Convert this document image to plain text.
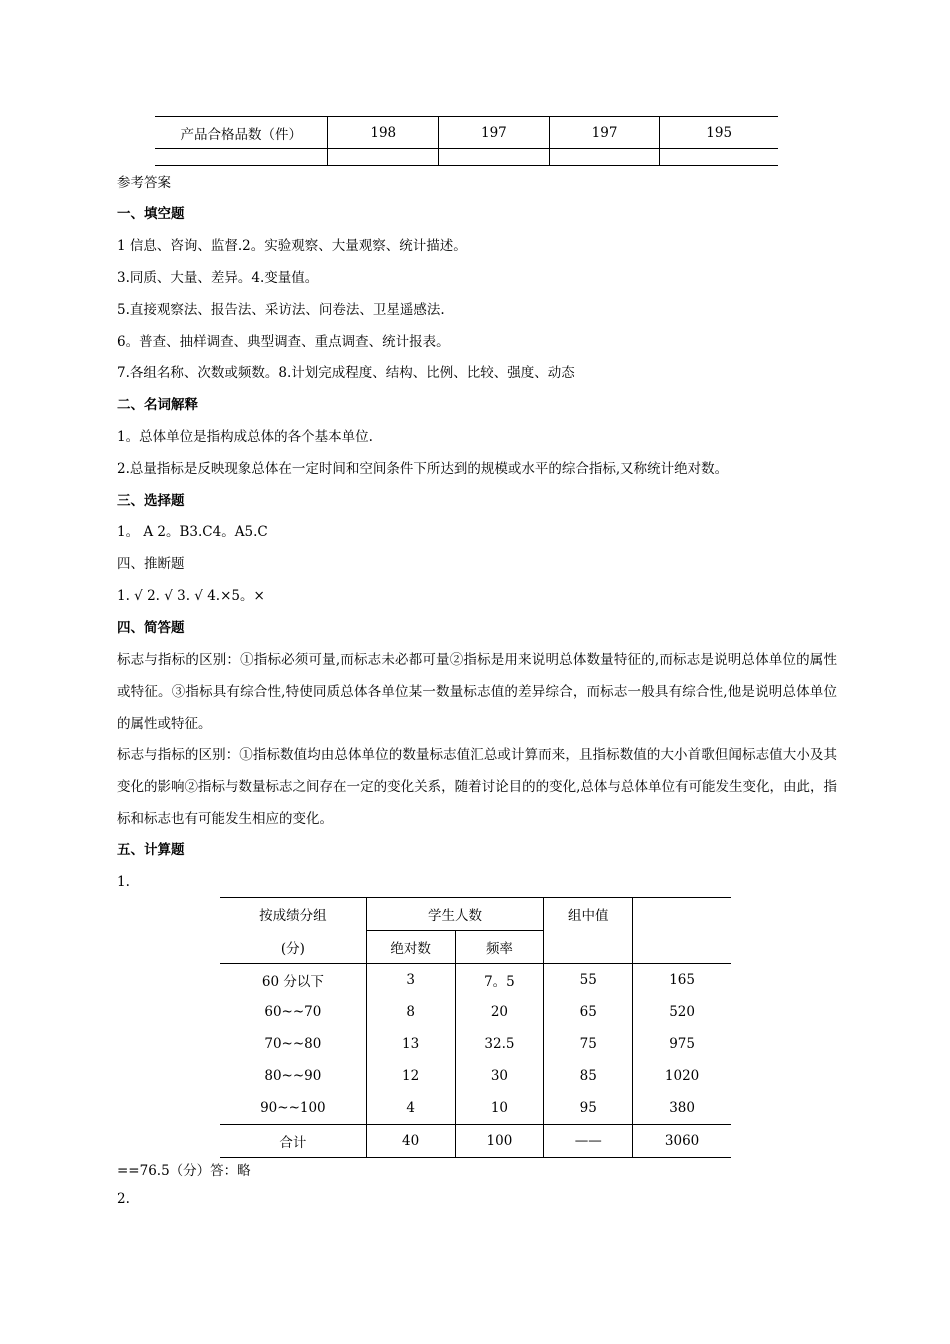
产品合格品数（件）	198	197	197	195

参考答案
一、填空题
1 信息、咨询、监督.2。实验观察、大量观察、统计描述。
3.同质、大量、差异。4.变量值。
5.直接观察法、报告法、采访法、问卷法、卫星遥感法.
6。普查、抽样调查、典型调查、重点调查、统计报表。
7.各组名称、次数或频数。8.计划完成程度、结构、比例、比较、强度、动态
二、名词解释
1。总体单位是指构成总体的各个基本单位.
2.总量指标是反映现象总体在一定时间和空间条件下所达到的规模或水平的综合指标,又称统计绝对数。
三、选择题
1。 A 2。B3.C4。A5.C
四、推断题
1. √ 2. √ 3. √ 4.×5。×
四、简答题
标志与指标的区别：①指标必须可量,而标志未必都可量②指标是用来说明总体数量特征的,而标志是说明总体单位的属性或特征。③指标具有综合性,特使同质总体各单位某一数量标志值的差异综合，而标志一般具有综合性,他是说明总体单位的属性或特征。
标志与指标的区别：①指标数值均由总体单位的数量标志值汇总或计算而来，且指标数值的大小首歌但闻标志值大小及其变化的影响②指标与数量标志之间存在一定的变化关系，随着讨论目的的变化,总体与总体单位有可能发生变化，由此，指标和标志也有可能发生相应的变化。
五、计算题
1.
按成绩分组	学生人数		组中值	
(分)	绝对数	频率		
60 分以下	3	7。5	55	165
60~~70	8	20	65	520
70~~80	13	32.5	75	975
80~~90	12	30	85	1020
90~~100	4	10	95	380
合计	40	100	——	3060
==76.5（分）答：略
2.
